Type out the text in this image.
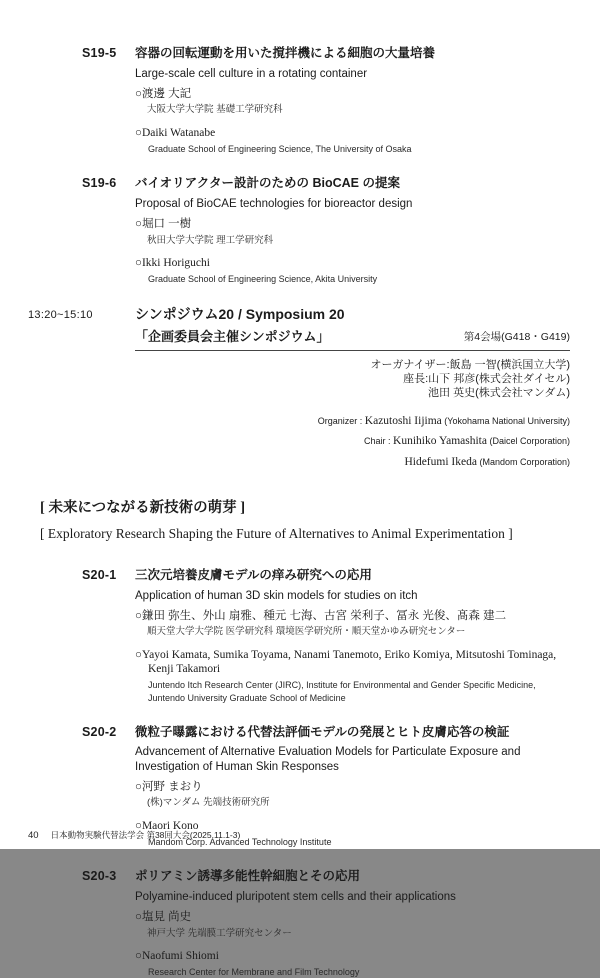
S19-5	容器の回転運動を用いた撹拌機による細胞の大量培養
Large-scale cell culture in a rotating container
○渡邊 大記
大阪大学大学院 基礎工学研究科
○Daiki Watanabe
Graduate School of Engineering Science, The University of Osaka
S19-6	バイオリアクター設計のための BioCAE の提案
Proposal of BioCAE technologies for bioreactor design
○堀口 一樹
秋田大学大学院 理工学研究科
○Ikki Horiguchi
Graduate School of Engineering Science, Akita University
13:20~15:10	シンポジウム20 / Symposium 20
「企画委員会主催シンポジウム」	第4会場(G418・G419)
オーガナイザー:飯島 一智(横浜国立大学)
座長:山下 邦彦(株式会社ダイセル)
池田 英史(株式会社マンダム)
Organizer : Kazutoshi Iijima (Yokohama National University)
Chair : Kunihiko Yamashita (Daicel Corporation)
Hidefumi Ikeda (Mandom Corporation)
[ 未来につながる新技術の萌芽 ]
[ Exploratory Research Shaping the Future of Alternatives to Animal Experimentation ]
S20-1	三次元培養皮膚モデルの痒み研究への応用
Application of human 3D skin models for studies on itch
○鎌田 弥生、外山 扇雅、種元 七海、古宮 栄利子、冨永 光俊、髙森 建二
順天堂大学大学院 医学研究科 環境医学研究所・順天堂かゆみ研究センター
○Yayoi Kamata, Sumika Toyama, Nanami Tanemoto, Eriko Komiya, Mitsutoshi Tominaga, Kenji Takamori
Juntendo Itch Research Center (JIRC), Institute for Environmental and Gender Specific Medicine, Juntendo University Graduate School of Medicine
S20-2	微粒子曝露における代替法評価モデルの発展とヒト皮膚応答の検証
Advancement of Alternative Evaluation Models for Particulate Exposure and Investigation of Human Skin Responses
○河野 まおり
(株)マンダム 先端技術研究所
○Maori Kono
Mandom Corp. Advanced Technology Institute
S20-3	ポリアミン誘導多能性幹細胞とその応用
Polyamine-induced pluripotent stem cells and their applications
○塩見 尚史
神戸大学 先端膜工学研究センター
○Naofumi Shiomi
Research Center for Membrane and Film Technology
40 日本動物実験代替法学会 第38回大会(2025.11.1-3)
